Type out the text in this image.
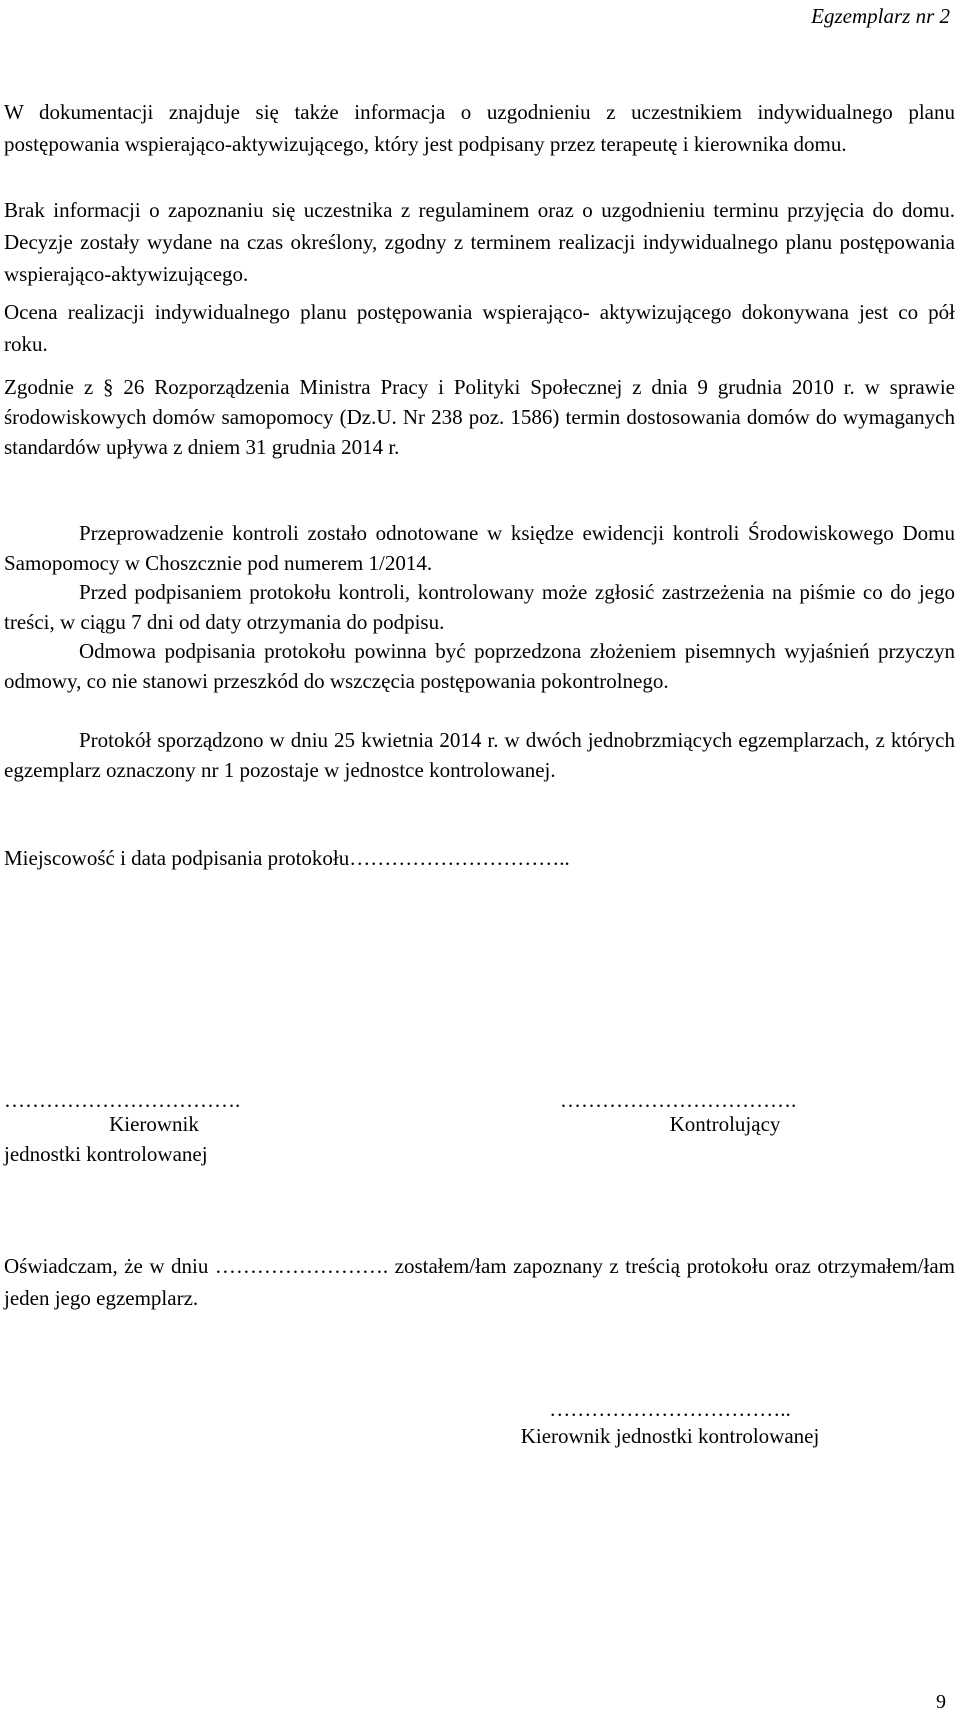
Egzemplarz nr 2
W dokumentacji znajduje się także informacja o uzgodnieniu z uczestnikiem indywidualnego planu postępowania wspierająco-aktywizującego, który jest podpisany przez terapeutę i kierownika domu.
Brak informacji o zapoznaniu się uczestnika z regulaminem oraz o uzgodnieniu terminu przyjęcia do domu. Decyzje zostały wydane na czas określony, zgodny z terminem realizacji indywidualnego planu postępowania wspierająco-aktywizującego.
Ocena realizacji indywidualnego planu postępowania wspierająco- aktywizującego dokonywana jest co pół roku.
Zgodnie z § 26 Rozporządzenia Ministra Pracy i Polityki Społecznej z dnia 9 grudnia 2010 r. w sprawie środowiskowych domów samopomocy (Dz.U. Nr 238 poz. 1586) termin dostosowania domów do wymaganych standardów upływa z dniem 31 grudnia 2014 r.
Przeprowadzenie kontroli zostało odnotowane w księdze ewidencji kontroli Środowiskowego Domu Samopomocy w Choszcznie pod numerem 1/2014.
Przed podpisaniem protokołu kontroli, kontrolowany może zgłosić zastrzeżenia na piśmie co do jego treści, w ciągu 7 dni od daty otrzymania do podpisu.
Odmowa podpisania protokołu powinna być poprzedzona złożeniem pisemnych wyjaśnień przyczyn odmowy, co nie stanowi przeszkód do wszczęcia postępowania pokontrolnego.
Protokół sporządzono w dniu 25 kwietnia 2014 r. w dwóch jednobrzmiących egzemplarzach, z których egzemplarz oznaczony nr 1 pozostaje w jednostce kontrolowanej.
Miejscowość i data podpisania protokołu…………………………..
…………………………….
Kierownik
jednostki kontrolowanej
…………………………….
Kontrolujący
Oświadczam, że w dniu ……………………. zostałem/łam zapoznany z treścią protokołu oraz otrzymałem/łam jeden jego egzemplarz.
……………………………..
Kierownik jednostki kontrolowanej
9
